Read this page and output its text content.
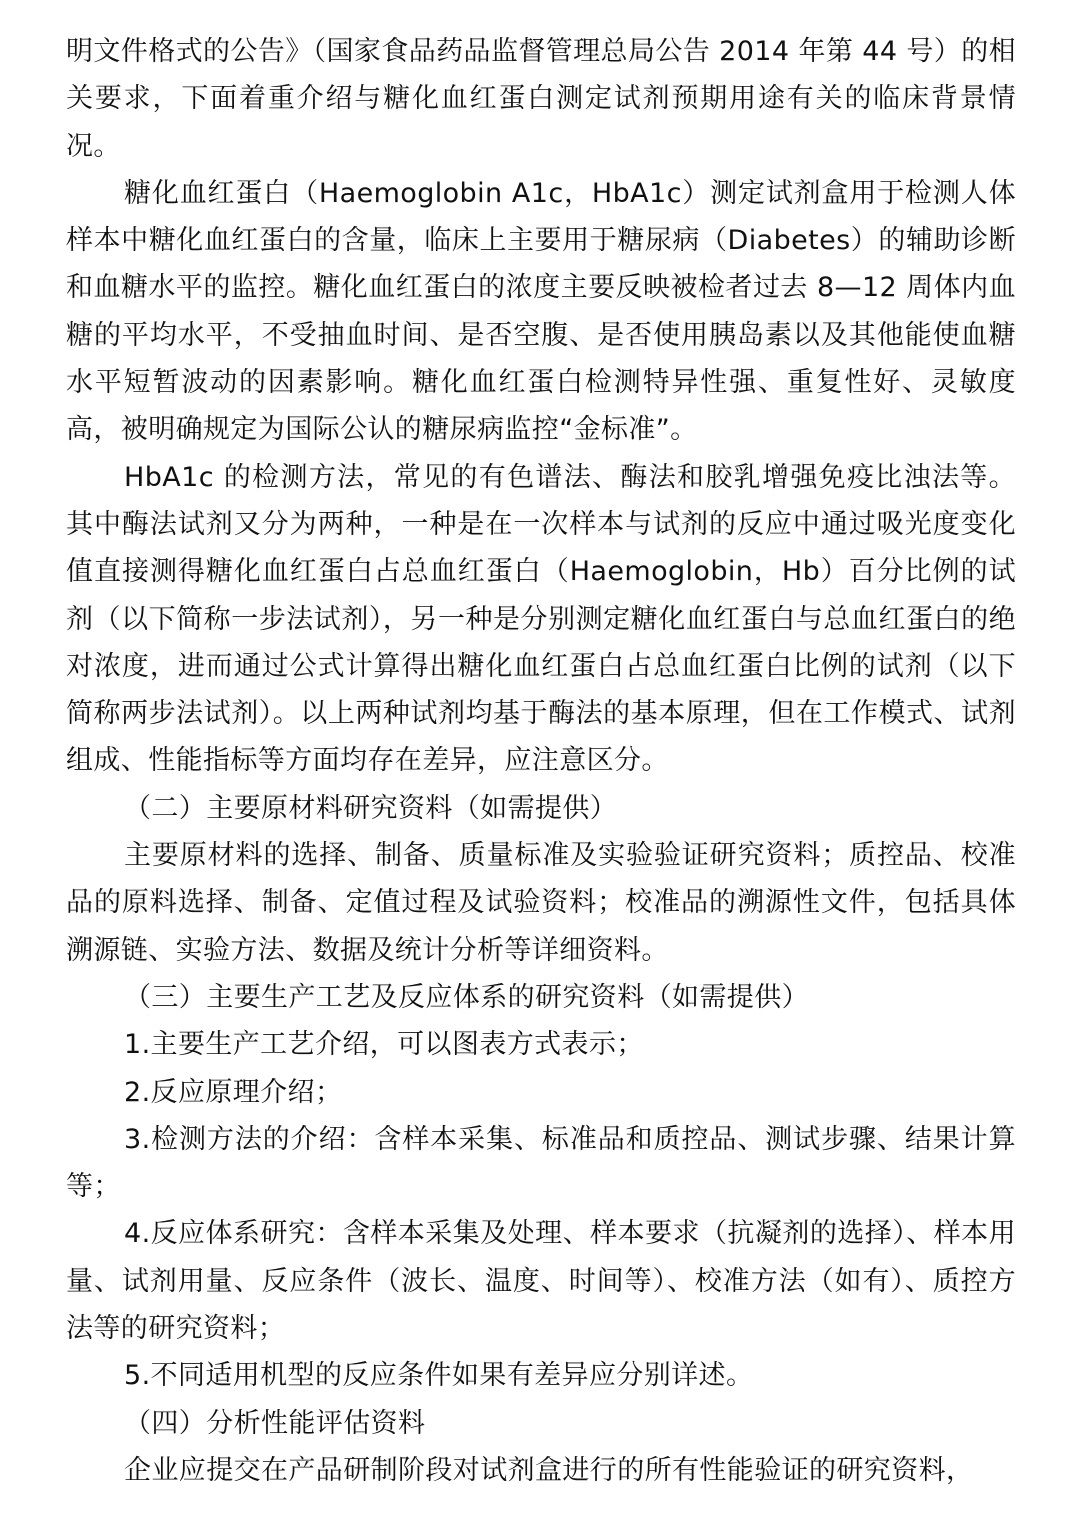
明文件格式的公告》（国家食品药品监督管理总局公告 2014 年第 44 号）的相关要求，下面着重介绍与糖化血红蛋白测定试剂预期用途有关的临床背景情况。

糖化血红蛋白（Haemoglobin A1c，HbA1c）测定试剂盒用于检测人体样本中糖化血红蛋白的含量，临床上主要用于糖尿病（Diabetes）的辅助诊断和血糖水平的监控。糖化血红蛋白的浓度主要反映被检者过去 8—12 周体内血糖的平均水平，不受抽血时间、是否空腹、是否使用胰岛素以及其他能使血糖水平短暂波动的因素影响。糖化血红蛋白检测特异性强、重复性好、灵敏度高，被明确规定为国际公认的糖尿病监控“金标准”。

HbA1c 的检测方法，常见的有色谱法、酶法和胶乳增强免疫比浊法等。其中酶法试剂又分为两种，一种是在一次样本与试剂的反应中通过吸光度变化值直接测得糖化血红蛋白占总血红蛋白（Haemoglobin，Hb）百分比例的试剂（以下简称一步法试剂），另一种是分别测定糖化血红蛋白与总血红蛋白的绝对浓度，进而通过公式计算得出糖化血红蛋白占总血红蛋白比例的试剂（以下简称两步法试剂）。以上两种试剂均基于酶法的基本原理，但在工作模式、试剂组成、性能指标等方面均存在差异，应注意区分。

（二）主要原材料研究资料（如需提供）

主要原材料的选择、制备、质量标准及实验验证研究资料；质控品、校准品的原料选择、制备、定值过程及试验资料；校准品的溯源性文件，包括具体溯源链、实验方法、数据及统计分析等详细资料。

（三）主要生产工艺及反应体系的研究资料（如需提供）

1.主要生产工艺介绍，可以图表方式表示；

2.反应原理介绍；

3.检测方法的介绍：含样本采集、标准品和质控品、测试步骤、结果计算等；

4.反应体系研究：含样本采集及处理、样本要求（抗凝剂的选择）、样本用量、试剂用量、反应条件（波长、温度、时间等）、校准方法（如有）、质控方法等的研究资料；

5.不同适用机型的反应条件如果有差异应分别详述。

（四）分析性能评估资料

企业应提交在产品研制阶段对试剂盒进行的所有性能验证的研究资料，
